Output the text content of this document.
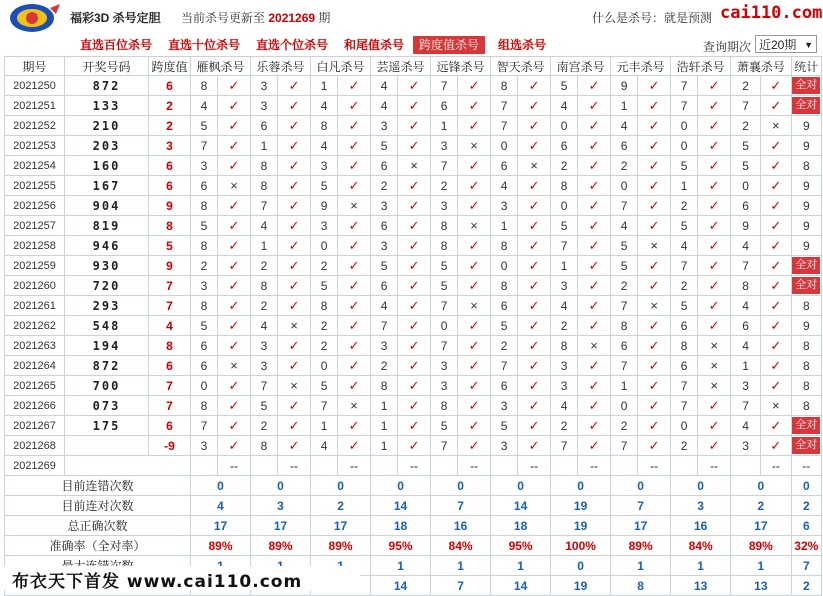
福彩3D 杀号定胆 当前杀号更新至 2021269 期	什么是杀号：就是预测 cai110.com
直选百位杀号 直选十位杀号 直选个位杀号 和尾值杀号	跨度值杀号	组选杀号	查询期次 近20期 ▼
期号	开奖号码	跨度值	雁枫杀号		乐蓉杀号		白凡杀号		芸遥杀号		远锋杀号		智天杀号		南宫杀号		元丰杀号		浩轩杀号		萧襄杀号		统计
2021250	872	6	8	✓	3	✓	1	✓	4	✓	7	✓	8	✓	5	✓	9	✓	7	✓	2	✓	全对
2021251	133	2	4	✓	3	✓	4	✓	4	✓	6	✓	7	✓	4	✓	1	✓	7	✓	7	✓	全对
2021252	210	2	5	✓	6	✓	8	✓	3	✓	1	✓	7	✓	0	✓	4	✓	0	✓	2	×	9
2021253	203	3	7	✓	1	✓	4	✓	5	✓	3	×	0	✓	6	✓	6	✓	0	✓	5	✓	9
2021254	160	6	3	✓	8	✓	3	✓	6	×	7	✓	6	×	2	✓	2	✓	5	✓	5	✓	8
2021255	167	6	6	×	8	✓	5	✓	2	✓	2	✓	4	✓	8	✓	0	✓	1	✓	0	✓	9
2021256	904	9	8	✓	7	✓	9	×	3	✓	3	✓	3	✓	0	✓	7	✓	2	✓	6	✓	9
2021257	819	8	5	✓	4	✓	3	✓	6	✓	8	×	1	✓	5	✓	4	✓	5	✓	9	✓	9
2021258	946	5	8	✓	1	✓	0	✓	3	✓	8	✓	8	✓	7	✓	5	×	4	✓	4	✓	9
2021259	930	9	2	✓	2	✓	2	✓	5	✓	5	✓	0	✓	1	✓	5	✓	7	✓	7	✓	全对
2021260	720	7	3	✓	8	✓	5	✓	6	✓	5	✓	8	✓	3	✓	2	✓	2	✓	8	✓	全对
2021261	293	7	8	✓	2	✓	8	✓	4	✓	7	×	6	✓	4	✓	7	×	5	✓	4	✓	8
2021262	548	4	5	✓	4	×	2	✓	7	✓	0	✓	5	✓	2	✓	8	✓	6	✓	6	✓	9
2021263	194	8	6	✓	3	✓	2	✓	3	✓	7	✓	2	✓	8	×	6	✓	8	×	4	✓	8
2021264	872	6	6	×	3	✓	0	✓	2	✓	3	✓	7	✓	3	✓	7	✓	6	×	1	✓	8
2021265	700	7	0	✓	7	×	5	✓	8	✓	3	✓	6	✓	3	✓	1	✓	7	×	3	✓	8
2021266	073	7	8	✓	5	✓	7	×	1	✓	8	✓	3	✓	4	✓	0	✓	7	✓	7	×	8
2021267	175	6	7	✓	2	✓	1	✓	1	✓	5	✓	5	✓	2	✓	2	✓	0	✓	4	✓	全对
2021268		-9	3	✓	8	✓	4	✓	1	✓	7	✓	3	✓	7	✓	7	✓	2	✓	3	✓	全对
2021269	当前期杀号		3	--	0	--	8	--	2	--	1	--	1	--	4	--	1	--	3	--	5	--	--
目前连错次数			0		0		0		0		0		0		0		0		0		0		0
目前连对次数			4		3		2		14		7		14		19		7		3		2		2
总正确次数			17		17		17		18		16		18		19		17		16		17		6
准确率（全对率）			89%		89%		89%		95%		84%		95%		100%		89%		84%		89%		32%
				1		1		1		0		1		1		1		7
									14		7		14		19		8		13		13		2
布衣天下首发 www.cai110.com
